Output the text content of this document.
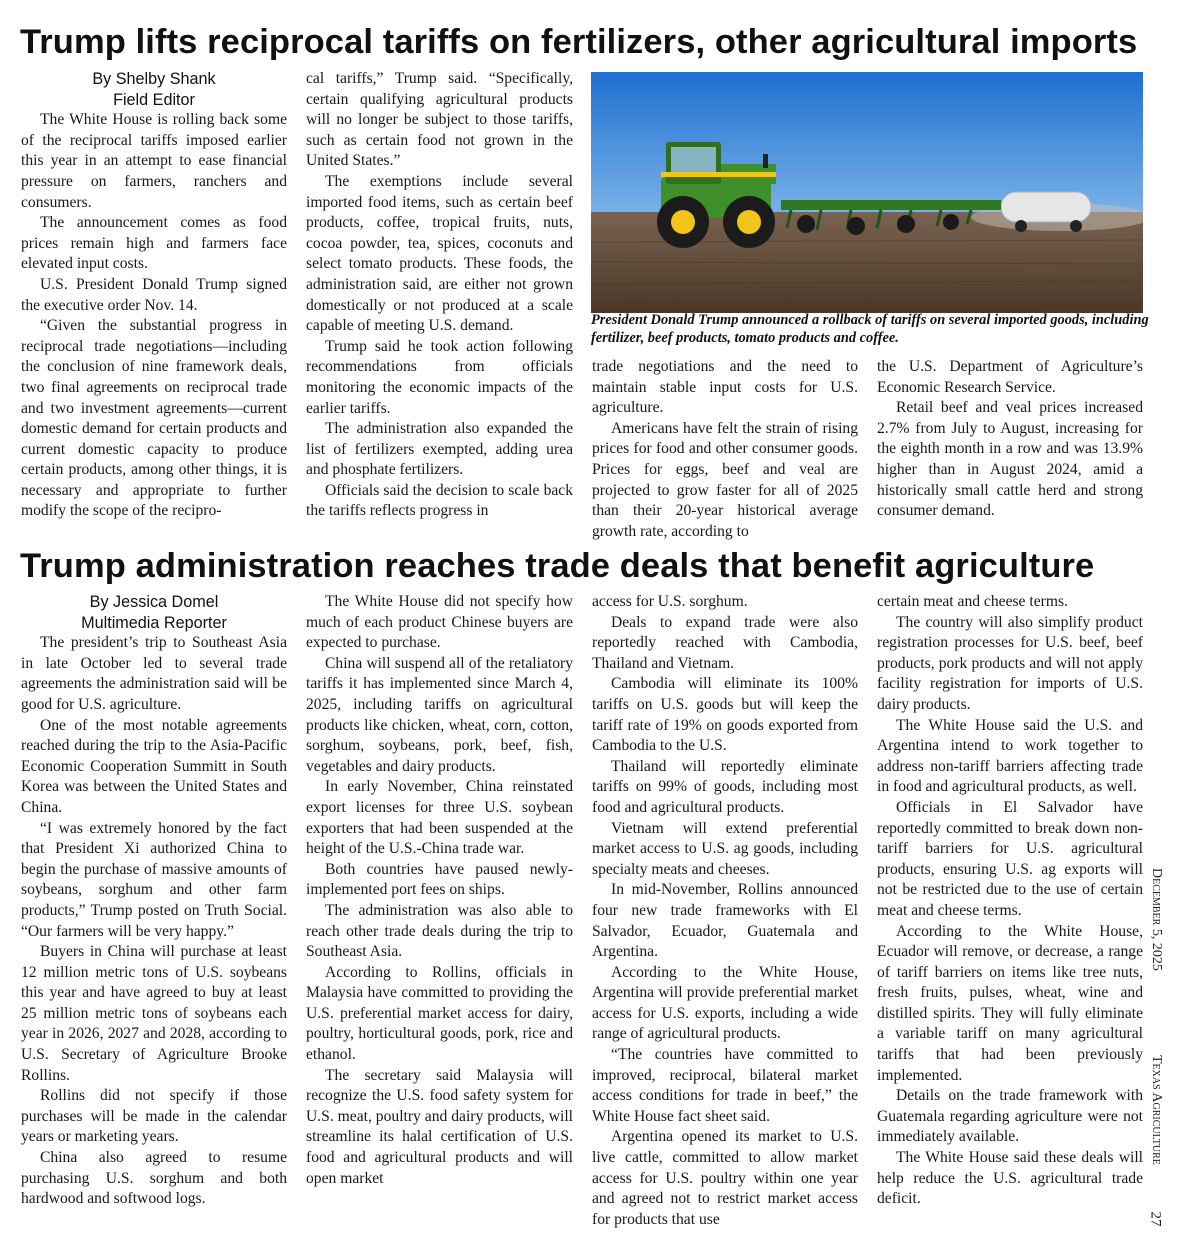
Trump lifts reciprocal tariffs on fertilizers, other agricultural imports
By Shelby Shank
Field Editor

The White House is rolling back some of the reciprocal tariffs imposed earlier this year in an attempt to ease financial pressure on farmers, ranchers and consumers.

The announcement comes as food prices remain high and farmers face elevated input costs.

U.S. President Donald Trump signed the executive order Nov. 14.

“Given the substantial progress in reciprocal trade negotiations—including the conclusion of nine framework deals, two final agreements on reciprocal trade and two investment agreements—current domestic demand for certain products and current domestic capacity to produce certain products, among other things, it is necessary and appropriate to further modify the scope of the recipro-

cal tariffs,” Trump said. “Specifically, certain qualifying agricultural products will no longer be subject to those tariffs, such as certain food not grown in the United States.”

The exemptions include several imported food items, such as certain beef products, coffee, tropical fruits, nuts, cocoa powder, tea, spices, coconuts and select tomato products. These foods, the administration said, are either not grown domestically or not produced at a scale capable of meeting U.S. demand.

Trump said he took action following recommendations from officials monitoring the economic impacts of the earlier tariffs.

The administration also expanded the list of fertilizers exempted, adding urea and phosphate fertilizers.

Officials said the decision to scale back the tariffs reflects progress in

President Donald Trump announced a rollback of tariffs on several imported goods, including fertilizer, beef products, tomato products and coffee.

trade negotiations and the need to maintain stable input costs for U.S. agriculture.

Americans have felt the strain of rising prices for food and other consumer goods. Prices for eggs, beef and veal are projected to grow faster for all of 2025 than their 20-year historical average growth rate, according to

the U.S. Department of Agriculture’s Economic Research Service.

Retail beef and veal prices increased 2.7% from July to August, increasing for the eighth month in a row and was 13.9% higher than in August 2024, amid a historically small cattle herd and strong consumer demand.

Trump administration reaches trade deals that benefit agriculture
By Jessica Domel
Multimedia Reporter

The president’s trip to Southeast Asia in late October led to several trade agreements the administration said will be good for U.S. agriculture.

One of the most notable agreements reached during the trip to the Asia-Pacific Economic Cooperation Summitt in South Korea was between the United States and China.

“I was extremely honored by the fact that President Xi authorized China to begin the purchase of massive amounts of soybeans, sorghum and other farm products,” Trump posted on Truth Social. “Our farmers will be very happy.”

Buyers in China will purchase at least 12 million metric tons of U.S. soybeans this year and have agreed to buy at least 25 million metric tons of soybeans each year in 2026, 2027 and 2028, according to U.S. Secretary of Agriculture Brooke Rollins.

Rollins did not specify if those purchases will be made in the calendar years or marketing years.

China also agreed to resume purchasing U.S. sorghum and both hardwood and softwood logs.

The White House did not specify how much of each product Chinese buyers are expected to purchase.

China will suspend all of the retaliatory tariffs it has implemented since March 4, 2025, including tariffs on agricultural products like chicken, wheat, corn, cotton, sorghum, soybeans, pork, beef, fish, vegetables and dairy products.

In early November, China reinstated export licenses for three U.S. soybean exporters that had been suspended at the height of the U.S.-China trade war.

Both countries have paused newly-implemented port fees on ships.

The administration was also able to reach other trade deals during the trip to Southeast Asia.

According to Rollins, officials in Malaysia have committed to providing the U.S. preferential market access for dairy, poultry, horticultural goods, pork, rice and ethanol.

The secretary said Malaysia will recognize the U.S. food safety system for U.S. meat, poultry and dairy products, will streamline its halal certification of U.S. food and agricultural products and will open market

access for U.S. sorghum.

Deals to expand trade were also reportedly reached with Cambodia, Thailand and Vietnam.

Cambodia will eliminate its 100% tariffs on U.S. goods but will keep the tariff rate of 19% on goods exported from Cambodia to the U.S.

Thailand will reportedly eliminate tariffs on 99% of goods, including most food and agricultural products.

Vietnam will extend preferential market access to U.S. ag goods, including specialty meats and cheeses.

In mid-November, Rollins announced four new trade frameworks with El Salvador, Ecuador, Guatemala and Argentina.

According to the White House, Argentina will provide preferential market access for U.S. exports, including a wide range of agricultural products.

“The countries have committed to improved, reciprocal, bilateral market access conditions for trade in beef,” the White House fact sheet said.

Argentina opened its market to U.S. live cattle, committed to allow market access for U.S. poultry within one year and agreed not to restrict market access for products that use

certain meat and cheese terms.

The country will also simplify product registration processes for U.S. beef, beef products, pork products and will not apply facility registration for imports of U.S. dairy products.

The White House said the U.S. and Argentina intend to work together to address non-tariff barriers affecting trade in food and agricultural products, as well.

Officials in El Salvador have reportedly committed to break down non-tariff barriers for U.S. agricultural products, ensuring U.S. ag exports will not be restricted due to the use of certain meat and cheese terms.

According to the White House, Ecuador will remove, or decrease, a range of tariff barriers on items like tree nuts, fresh fruits, pulses, wheat, wine and distilled spirits. They will fully eliminate a variable tariff on many agricultural tariffs that had been previously implemented.

Details on the trade framework with Guatemala regarding agriculture were not immediately available.

The White House said these deals will help reduce the U.S. agricultural trade deficit.

December 5, 2025
Texas Agriculture
27
